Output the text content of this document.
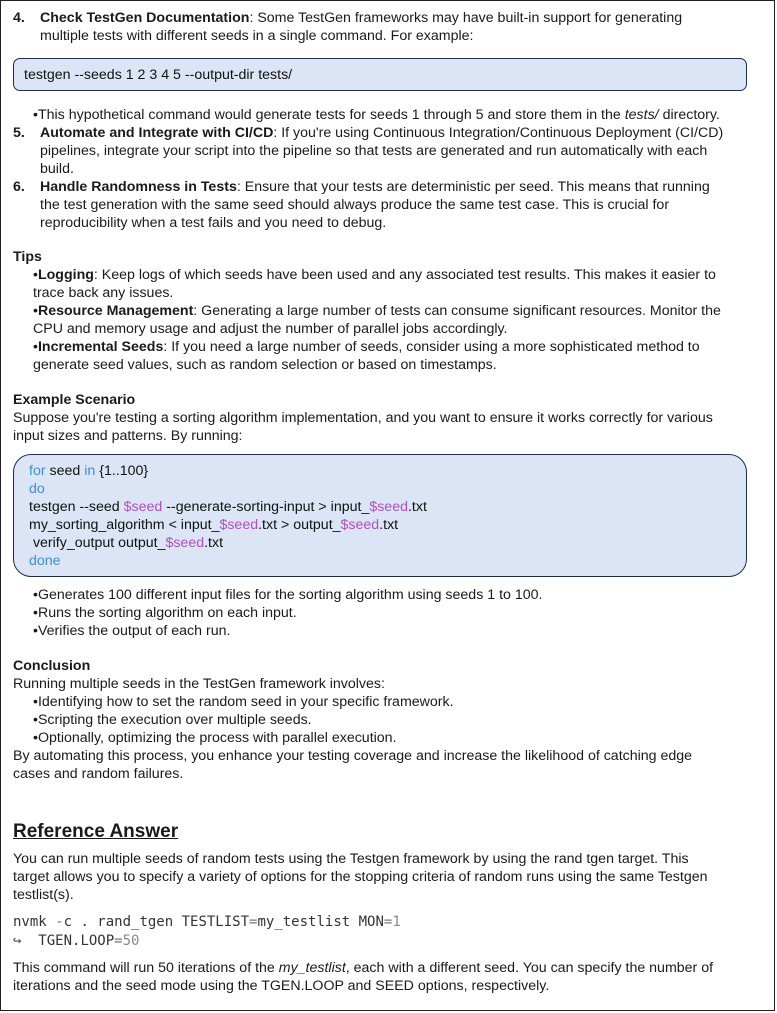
4. Check TestGen Documentation: Some TestGen frameworks may have built-in support for generating
multiple tests with different seeds in a single command. For example:
testgen --seeds 1 2 3 4 5 --output-dir tests/
•This hypothetical command would generate tests for seeds 1 through 5 and store them in the tests/ directory.
5. Automate and Integrate with CI/CD: If you're using Continuous Integration/Continuous Deployment (CI/CD)
pipelines, integrate your script into the pipeline so that tests are generated and run automatically with each
build.
6. Handle Randomness in Tests: Ensure that your tests are deterministic per seed. This means that running
the test generation with the same seed should always produce the same test case. This is crucial for
reproducibility when a test fails and you need to debug.
Tips
•Logging: Keep logs of which seeds have been used and any associated test results. This makes it easier to
trace back any issues.
•Resource Management: Generating a large number of tests can consume significant resources. Monitor the
CPU and memory usage and adjust the number of parallel jobs accordingly.
•Incremental Seeds: If you need a large number of seeds, consider using a more sophisticated method to
generate seed values, such as random selection or based on timestamps.
Example Scenario
Suppose you're testing a sorting algorithm implementation, and you want to ensure it works correctly for various
input sizes and patterns. By running:
for seed in {1..100}
do
testgen --seed $seed --generate-sorting-input > input_$seed.txt
my_sorting_algorithm < input_$seed.txt > output_$seed.txt
verify_output output_$seed.txt
done
•Generates 100 different input files for the sorting algorithm using seeds 1 to 100.
•Runs the sorting algorithm on each input.
•Verifies the output of each run.
Conclusion
Running multiple seeds in the TestGen framework involves:
•Identifying how to set the random seed in your specific framework.
•Scripting the execution over multiple seeds.
•Optionally, optimizing the process with parallel execution.
By automating this process, you enhance your testing coverage and increase the likelihood of catching edge
cases and random failures.
Reference Answer
You can run multiple seeds of random tests using the Testgen framework by using the rand tgen target. This
target allows you to specify a variety of options for the stopping criteria of random runs using the same Testgen
testlist(s).
nvmk -c . rand_tgen TESTLIST=my_testlist MON=1
↪  TGEN.LOOP=50
This command will run 50 iterations of the my_testlist, each with a different seed. You can specify the number of
iterations and the seed mode using the TGEN.LOOP and SEED options, respectively.
